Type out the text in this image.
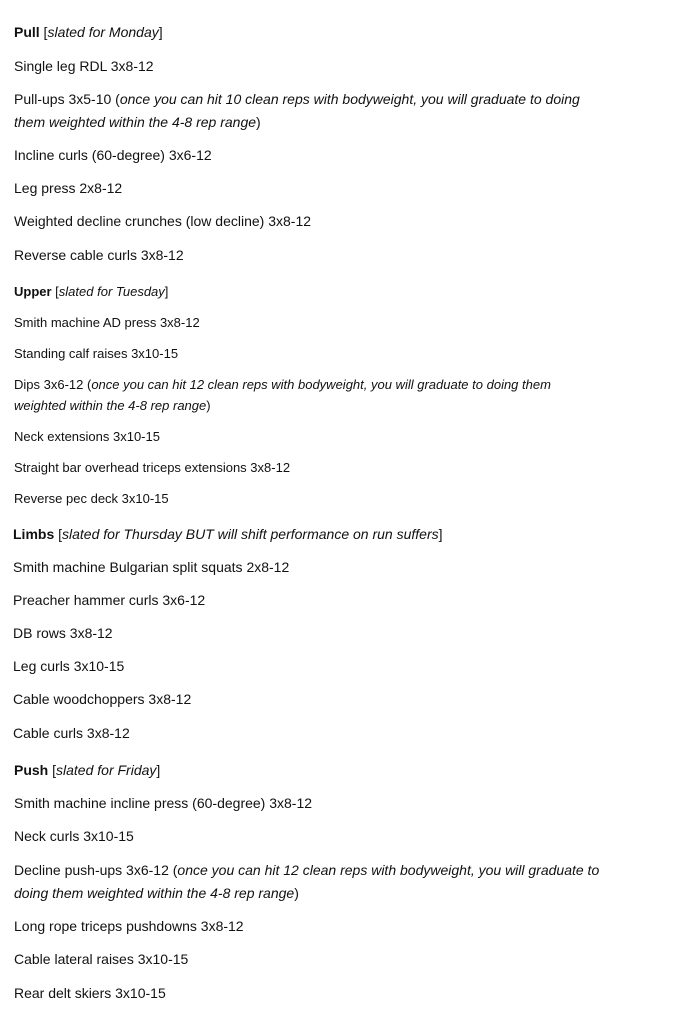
Pull [slated for Monday]
Single leg RDL 3x8-12
Pull-ups 3x5-10 (once you can hit 10 clean reps with bodyweight, you will graduate to doing
them weighted within the 4-8 rep range)
Incline curls (60-degree) 3x6-12
Leg press 2x8-12
Weighted decline crunches (low decline) 3x8-12
Reverse cable curls 3x8-12
Upper [slated for Tuesday]
Smith machine AD press 3x8-12
Standing calf raises 3x10-15
Dips 3x6-12 (once you can hit 12 clean reps with bodyweight, you will graduate to doing them
weighted within the 4-8 rep range)
Neck extensions 3x10-15
Straight bar overhead triceps extensions 3x8-12
Reverse pec deck 3x10-15
Limbs [slated for Thursday BUT will shift performance on run suffers]
Smith machine Bulgarian split squats 2x8-12
Preacher hammer curls 3x6-12
DB rows 3x8-12
Leg curls 3x10-15
Cable woodchoppers 3x8-12
Cable curls 3x8-12
Push [slated for Friday]
Smith machine incline press (60-degree) 3x8-12
Neck curls 3x10-15
Decline push-ups 3x6-12 (once you can hit 12 clean reps with bodyweight, you will graduate to
doing them weighted within the 4-8 rep range)
Long rope triceps pushdowns 3x8-12
Cable lateral raises 3x10-15
Rear delt skiers 3x10-15
